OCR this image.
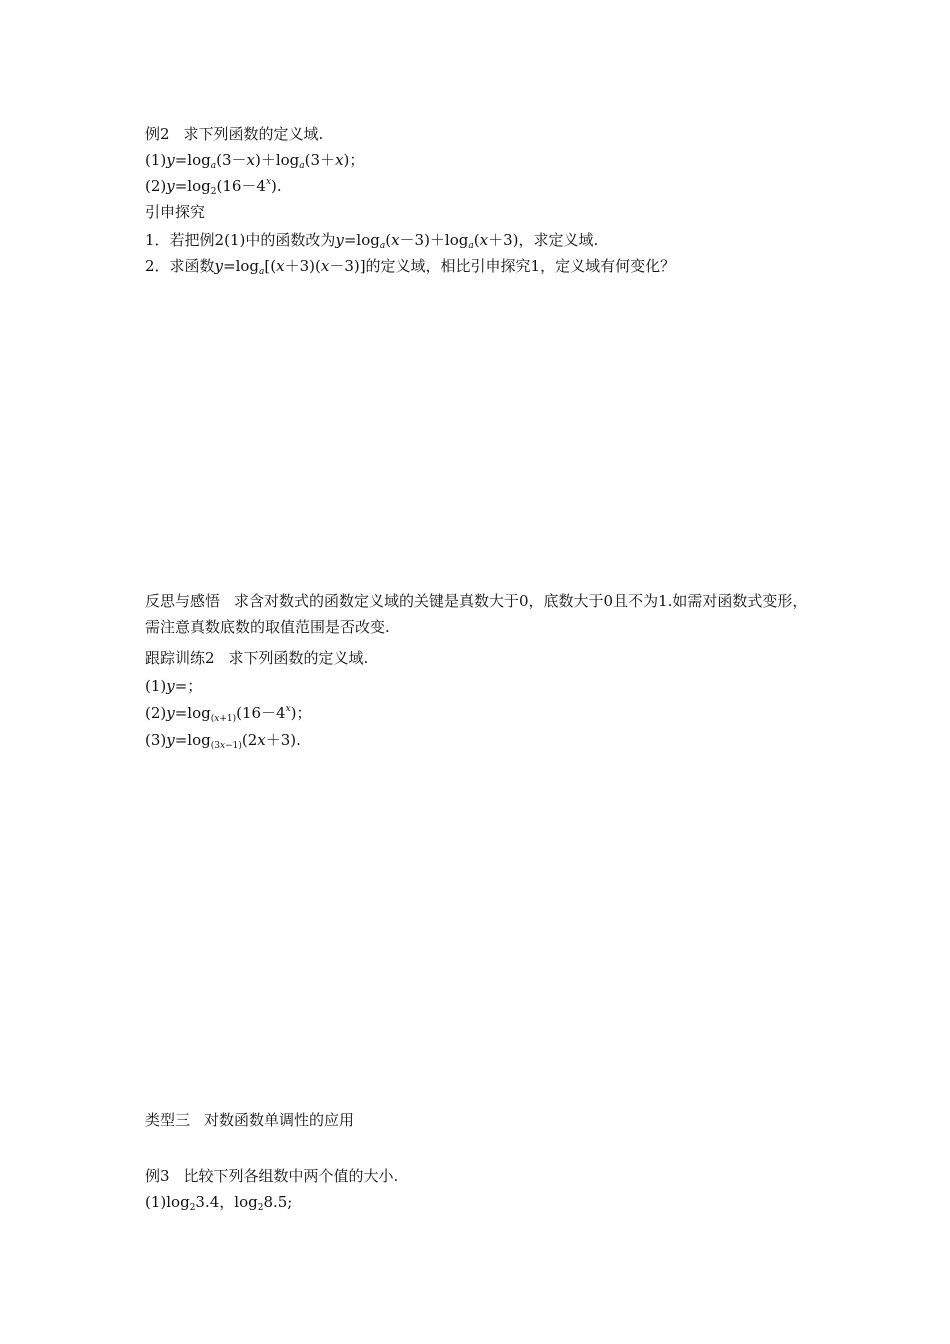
例2 求下列函数的定义域.
$(1)y=\log_a(3-x)+\log_a(3+x)$；
$(2)y=\log_2(16-4^x)$.
引申探究
1．若把例2(1)中的函数改为$y=\log_a(x-3)+\log_a(x+3)$，求定义域.
2．求函数$y=\log_a[(x+3)(x-3)]$的定义域，相比引申探究1，定义域有何变化？
反思与感悟 求含对数式的函数定义域的关键是真数大于0，底数大于0且不为1.如需对函数式变形，需注意真数底数的取值范围是否改变.
跟踪训练2 求下列函数的定义域.
(1)y=；
$(2)y=\log_{(x+1)}(16-4^x)$；
$(3)y=\log_{(3x-1)}(2x+3)$.
类型三 对数函数单调性的应用
例3 比较下列各组数中两个值的大小.
$(1)\log_23.4$，$\log_28.5$;
